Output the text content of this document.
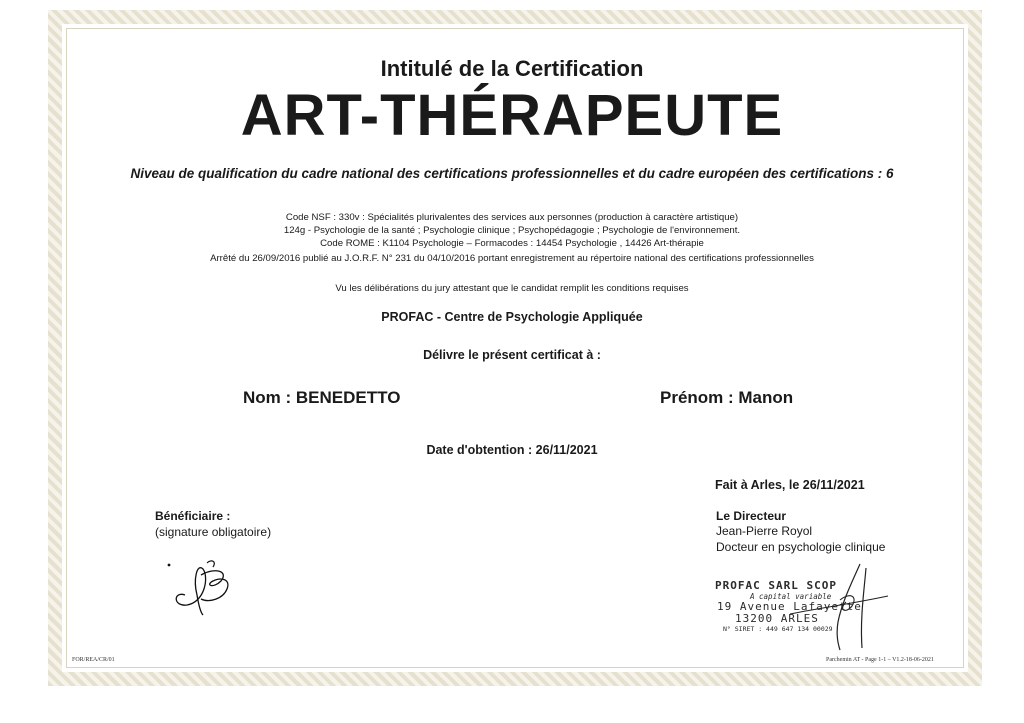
Intitulé de la Certification
ART-THÉRAPEUTE
Niveau de qualification du cadre national des certifications professionnelles et du cadre européen des certifications : 6
Code NSF : 330v : Spécialités plurivalentes des services aux personnes (production à caractère artistique)
124g - Psychologie de la santé ; Psychologie clinique ; Psychopédagogie ; Psychologie de l'environnement.
Code ROME : K1104 Psychologie – Formacodes : 14454 Psychologie , 14426 Art-thérapie
Arrêté du 26/09/2016 publié au J.O.R.F. N° 231 du 04/10/2016 portant enregistrement au répertoire national des certifications professionnelles
Vu les délibérations du jury attestant que le candidat remplit les conditions requises
PROFAC - Centre de Psychologie Appliquée
Délivre le présent certificat à :
Nom : BENEDETTO	Prénom : Manon
Date d'obtention : 26/11/2021
Fait à Arles, le 26/11/2021
Bénéficiaire :
(signature obligatoire)
Le Directeur
Jean-Pierre Royol
Docteur en psychologie clinique
PROFAC SARL SCOP
A capital variable
19 Avenue Lafayette
13200 ARLES
N° SIRET : 449 647 134 00029
FOR/REA/CR/01	Parchemin AT - Page 1-1 – V1.2-18-06-2021
